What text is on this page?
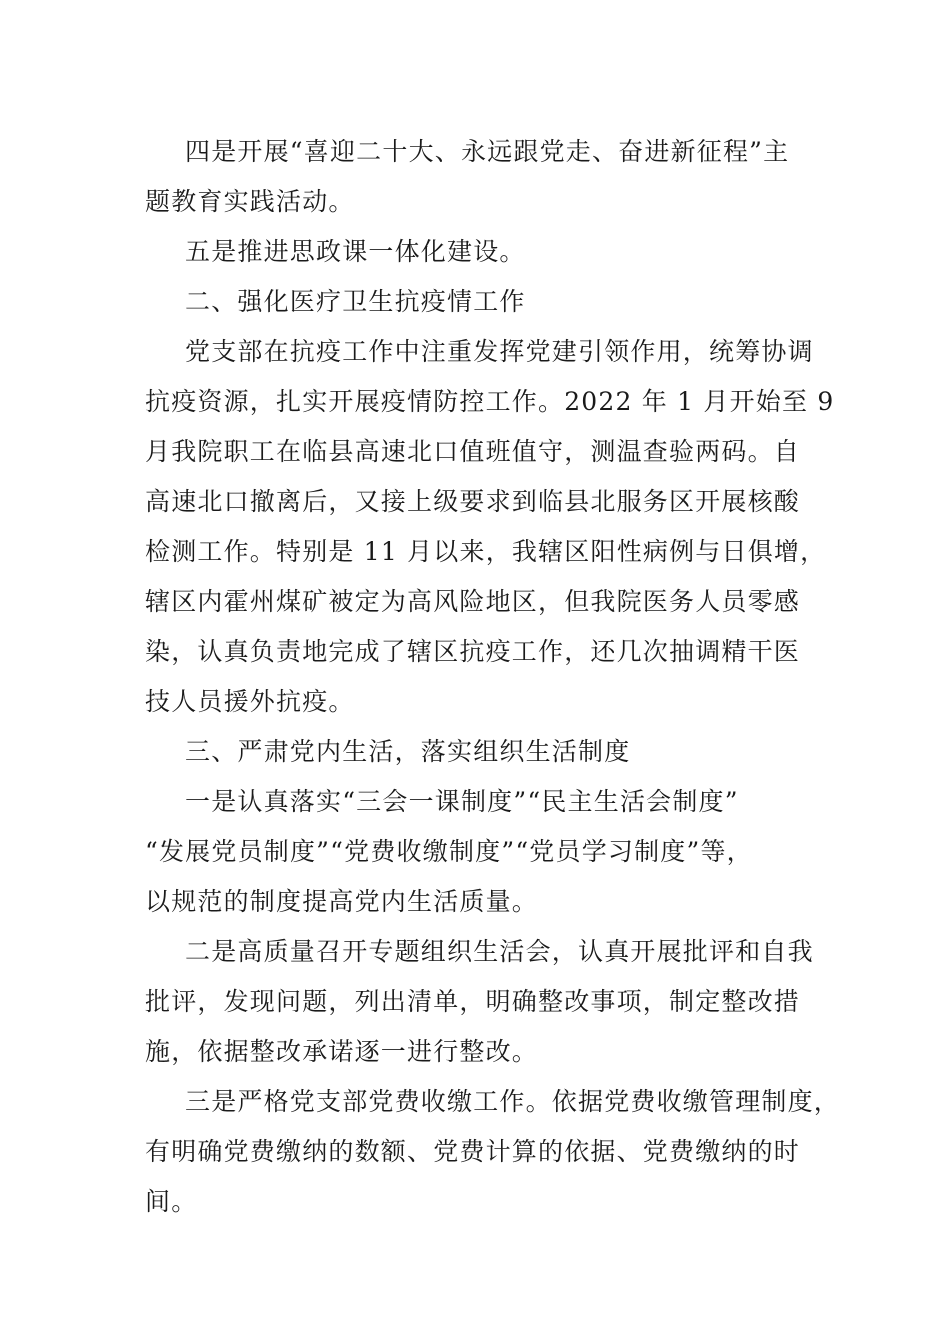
四是开展“喜迎二十大、永远跟党走、奋进新征程”主

题教育实践活动。

五是推进思政课一体化建设。

二、强化医疗卫生抗疫情工作

党支部在抗疫工作中注重发挥党建引领作用，统筹协调

抗疫资源，扎实开展疫情防控工作。2022 年 1 月开始至 9

月我院职工在临县高速北口值班值守，测温查验两码。自

高速北口撤离后，又接上级要求到临县北服务区开展核酸

检测工作。特别是 11 月以来，我辖区阳性病例与日俱增，

辖区内霍州煤矿被定为高风险地区，但我院医务人员零感

染，认真负责地完成了辖区抗疫工作，还几次抽调精干医

技人员援外抗疫。

三、严肃党内生活，落实组织生活制度

一是认真落实“三会一课制度”“民主生活会制度”

“发展党员制度”“党费收缴制度”“党员学习制度”等，

以规范的制度提高党内生活质量。

二是高质量召开专题组织生活会，认真开展批评和自我

批评，发现问题，列出清单，明确整改事项，制定整改措

施，依据整改承诺逐一进行整改。

三是严格党支部党费收缴工作。依据党费收缴管理制度，

有明确党费缴纳的数额、党费计算的依据、党费缴纳的时

间。
